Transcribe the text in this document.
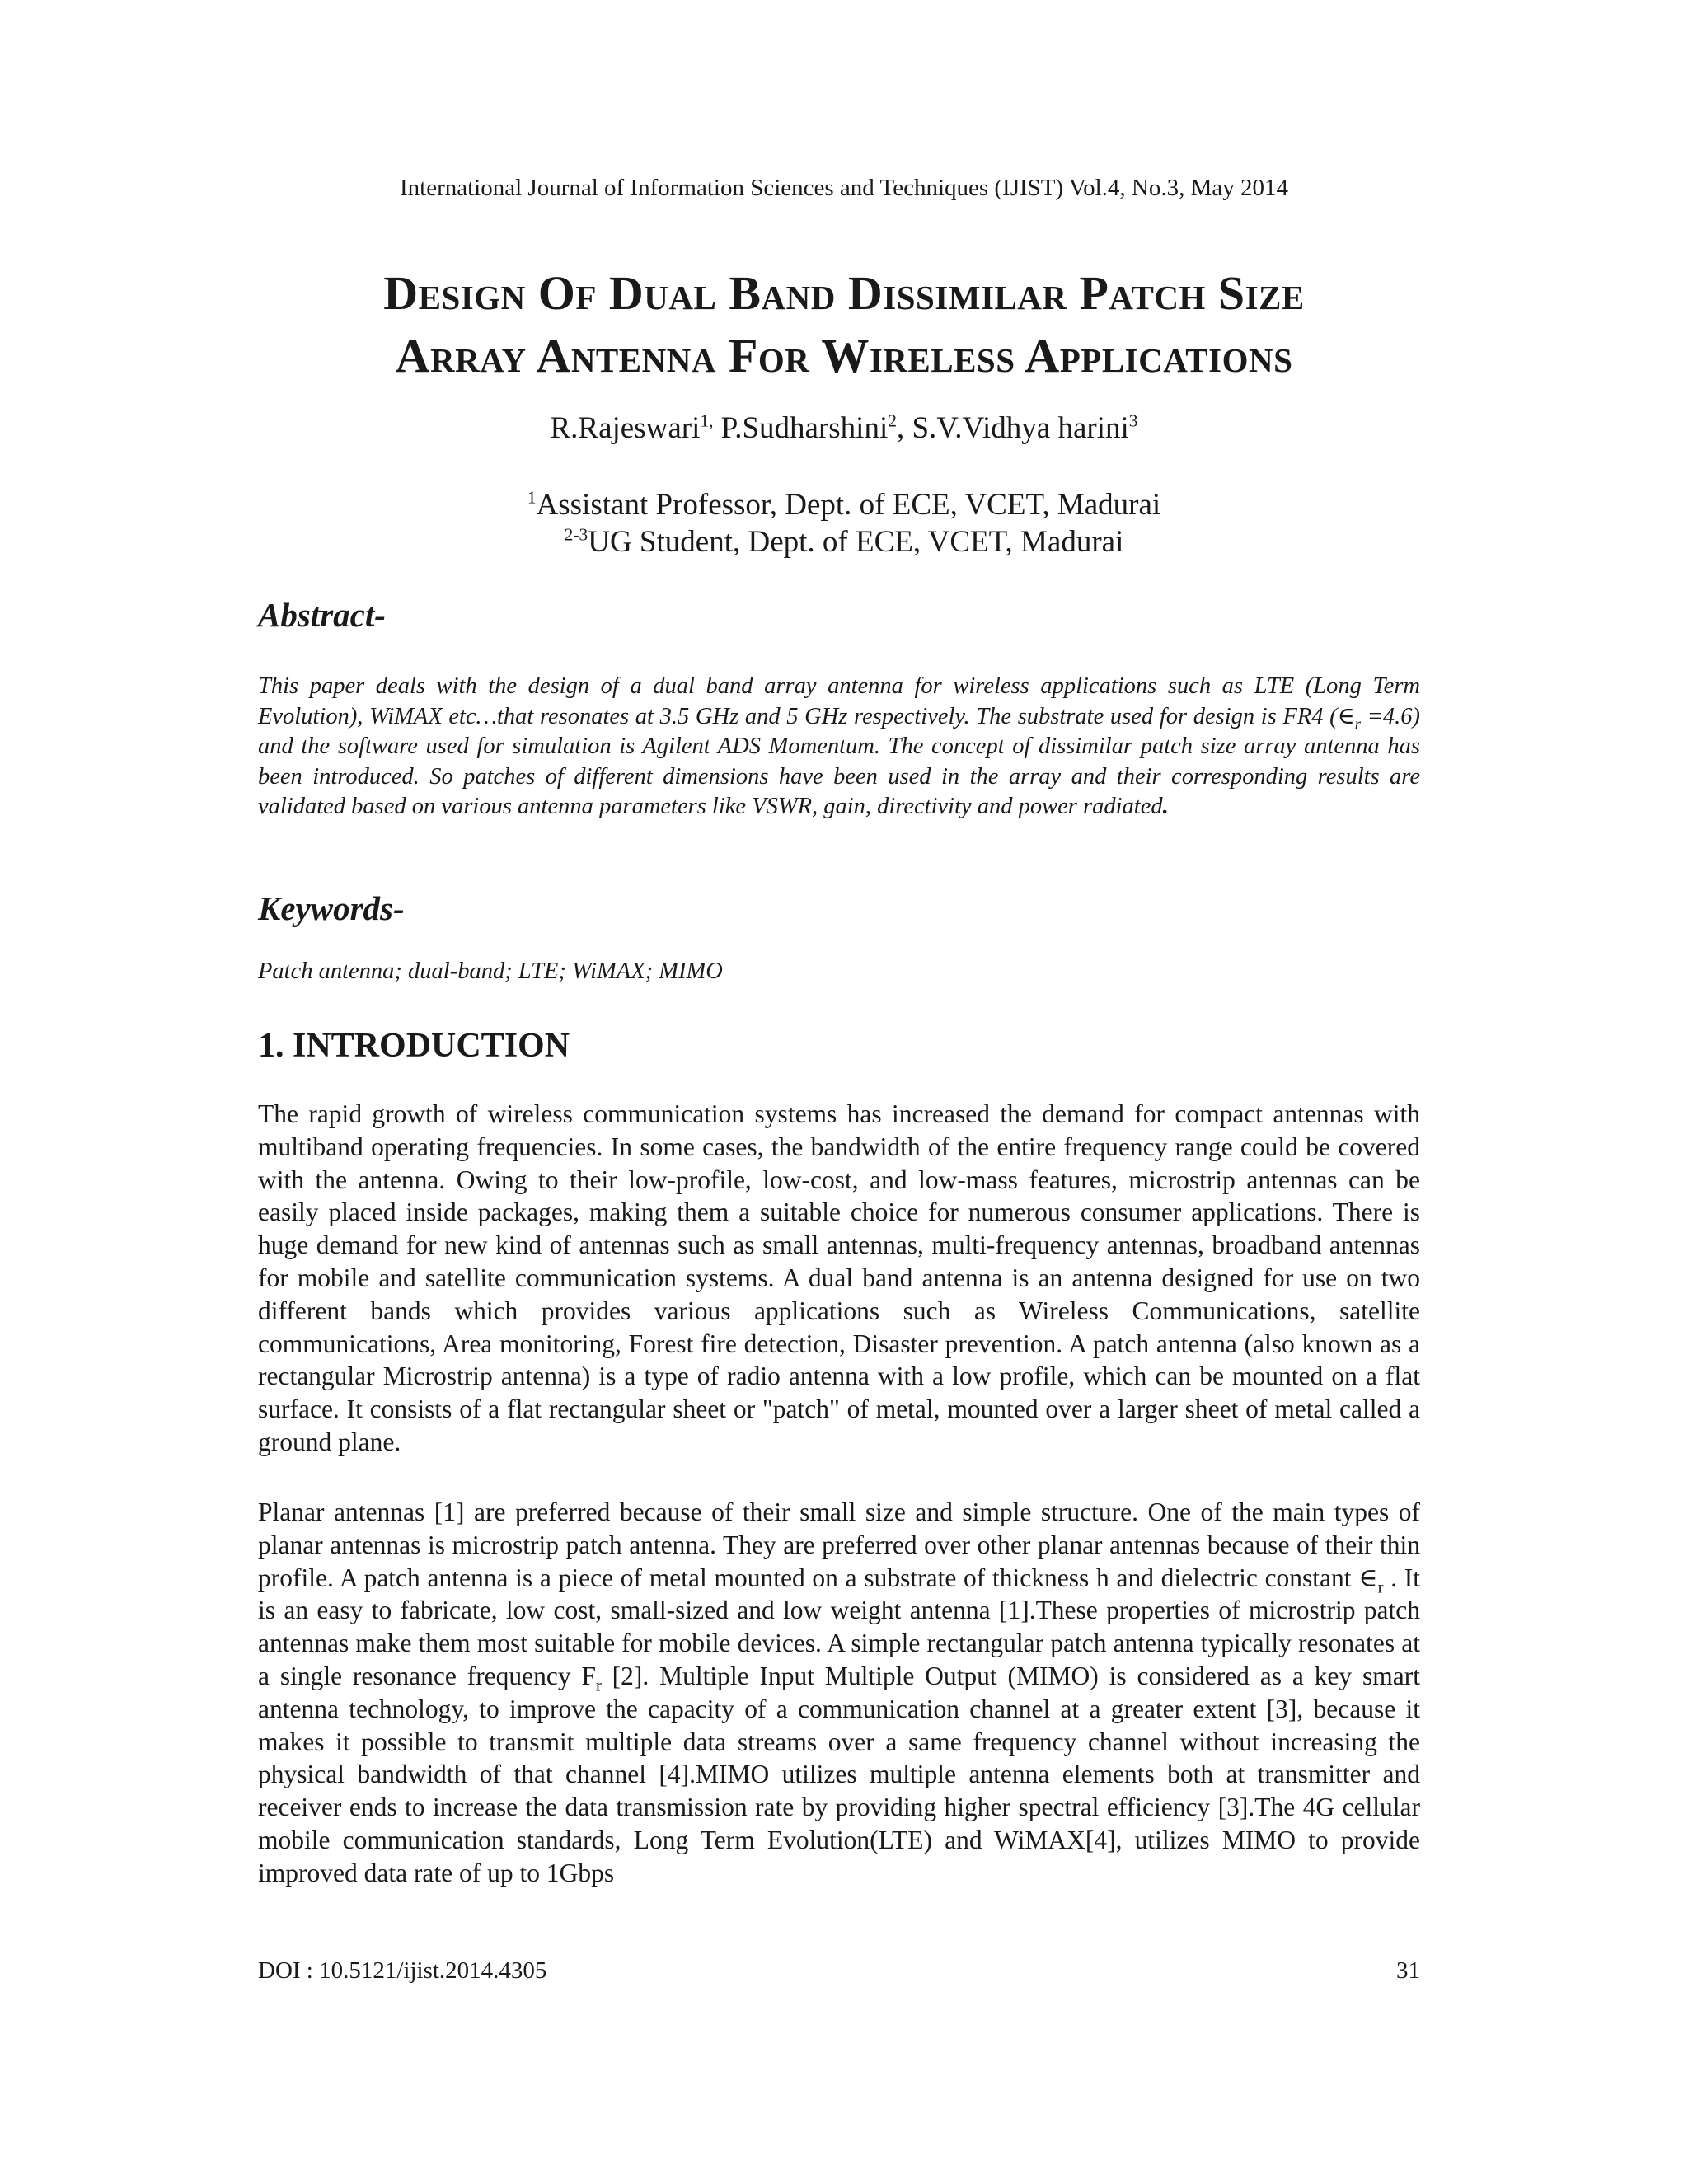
International Journal of Information Sciences and Techniques (IJIST) Vol.4, No.3, May 2014
Design Of Dual Band Dissimilar Patch Size
Array Antenna For Wireless Applications
R.Rajeswari$^{1,}$ P.Sudharshini$^2$, S.V.Vidhya harini$^3$
$^1$Assistant Professor, Dept. of ECE, VCET, Madurai
$^{2-3}$UG Student, Dept. of ECE, VCET, Madurai
Abstract-

This paper deals with the design of a dual band array antenna for wireless applications such as LTE (Long Term Evolution), WiMAX etc…that resonates at 3.5 GHz and 5 GHz respectively. The substrate used for design is FR4 $(\in_r =4.6)$ and the software used for simulation is Agilent ADS Momentum. The concept of dissimilar patch size array antenna has been introduced. So patches of different dimensions have been used in the array and their corresponding results are validated based on various antenna parameters like VSWR, gain, directivity and power radiated.

Keywords-

Patch antenna; dual-band; LTE; WiMAX; MIMO

1. INTRODUCTION

The rapid growth of wireless communication systems has increased the demand for compact antennas with multiband operating frequencies. In some cases, the bandwidth of the entire frequency range could be covered with the antenna. Owing to their low-profile, low-cost, and low-mass features, microstrip antennas can be easily placed inside packages, making them a suitable choice for numerous consumer applications. There is huge demand for new kind of antennas such as small antennas, multi-frequency antennas, broadband antennas for mobile and satellite communication systems. A dual band antenna is an antenna designed for use on two different bands which provides various applications such as Wireless Communications, satellite communications, Area monitoring, Forest fire detection, Disaster prevention. A patch antenna (also known as a rectangular Microstrip antenna) is a type of radio antenna with a low profile, which can be mounted on a flat surface. It consists of a flat rectangular sheet or "patch" of metal, mounted over a larger sheet of metal called a ground plane.

Planar antennas [1] are preferred because of their small size and simple structure. One of the main types of planar antennas is microstrip patch antenna. They are preferred over other planar antennas because of their thin profile. A patch antenna is a piece of metal mounted on a substrate of thickness h and dielectric constant $\in_r$ . It is an easy to fabricate, low cost, small-sized and low weight antenna [1].These properties of microstrip patch antennas make them most suitable for mobile devices. A simple rectangular patch antenna typically resonates at a single resonance frequency $F_r$ [2]. Multiple Input Multiple Output (MIMO) is considered as a key smart antenna technology, to improve the capacity of a communication channel at a greater extent [3], because it makes it possible to transmit multiple data streams over a same frequency channel without increasing the physical bandwidth of that channel [4].MIMO utilizes multiple antenna elements both at transmitter and receiver ends to increase the data transmission rate by providing higher spectral efficiency [3].The 4G cellular mobile communication standards, Long Term Evolution(LTE) and WiMAX[4], utilizes MIMO to provide improved data rate of up to 1Gbps

DOI : 10.5121/ijist.2014.4305	31
